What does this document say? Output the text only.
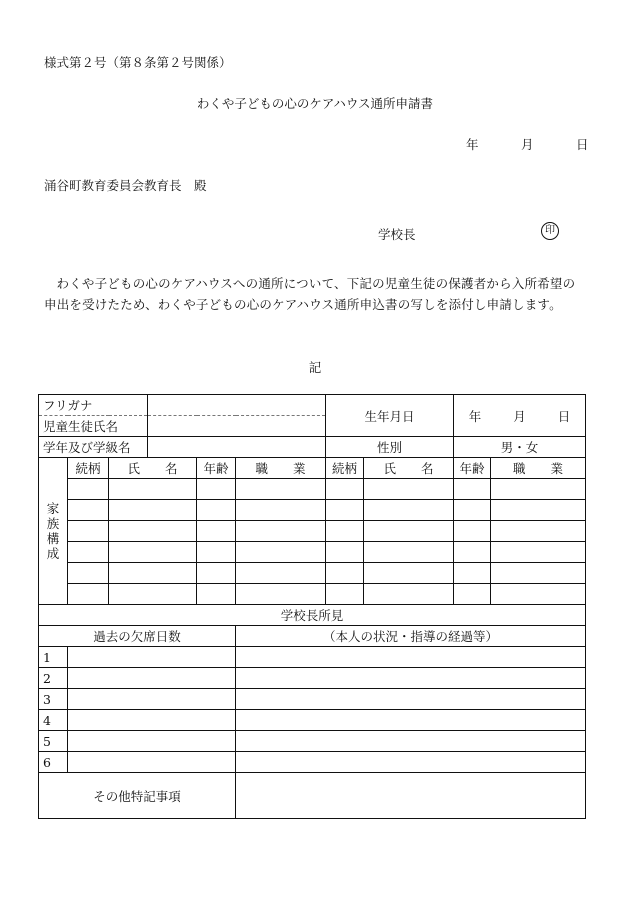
様式第２号（第８条第２号関係）
わくや子どもの心のケアハウス通所申請書
年	月	日
涌谷町教育委員会教育長　殿
学校長	印
わくや子どもの心のケアハウスへの通所について、下記の児童生徒の保護者から入所希望の申出を受けたため、わくや子どもの心のケアハウス通所申込書の写しを添付し申請します。
記
フリガナ						生年月日		年 月 日	
児童生徒氏名									
学年及び学級名						性別		男・女	

家族構成	続柄	氏　　名		年齢	職　　業	続柄	氏　　名	年齢	職　　業

学校長所見									
過去の欠席日数					（本人の状況・指導の経過等）				
1									
2									
3									
4									
5									
6									
その他特記事項									
